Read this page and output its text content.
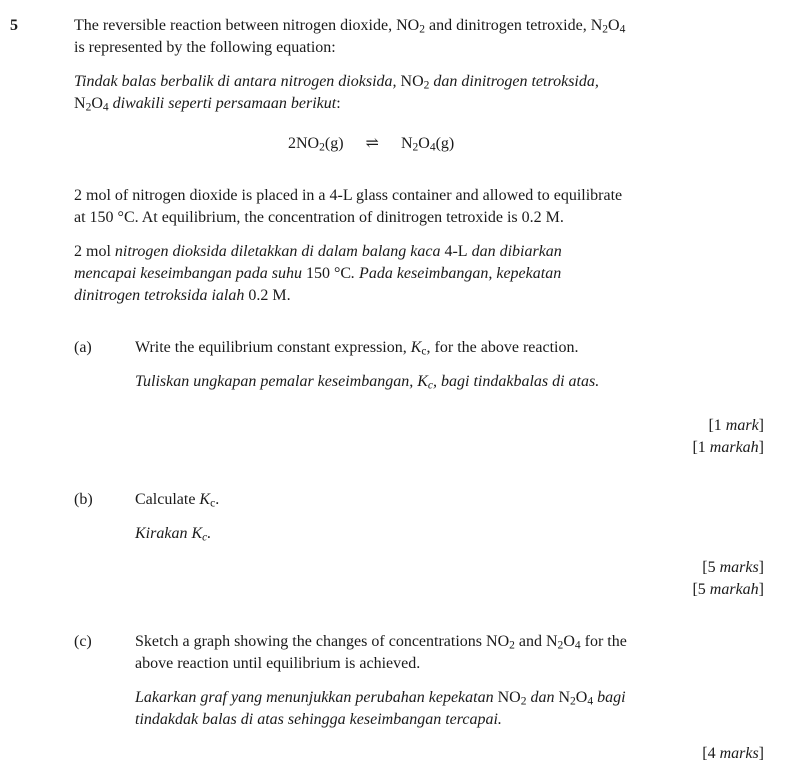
5	The reversible reaction between nitrogen dioxide, $NO_2$ and dinitrogen tetroxide, $N_2O_4$
is represented by the following equation:

Tindak balas berbalik di antara nitrogen dioksida, $NO_2$ dan dinitrogen tetroksida,
$N_2O_4$ diwakili seperti persamaan berikut:

$2NO_2(g)$ ⇌ $N_2O_4(g)$

2 mol of nitrogen dioxide is placed in a 4-L glass container and allowed to equilibrate
at 150 °C. At equilibrium, the concentration of dinitrogen tetroxide is 0.2 M.

2 mol nitrogen dioksida diletakkan di dalam balang kaca 4-L dan dibiarkan
mencapai keseimbangan pada suhu 150 °C. Pada keseimbangan, kepekatan
dinitrogen tetroksida ialah 0.2 M.

(a)	Write the equilibrium constant expression, $K_c$, for the above reaction.
Tuliskan ungkapan pemalar keseimbangan, $K_c$, bagi tindakbalas di atas.
[1 mark]
[1 markah]
(b)	Calculate $K_c$.
Kirakan $K_c$.
[5 marks]
[5 markah]
(c)	Sketch a graph showing the changes of concentrations $NO_2$ and $N_2O_4$ for the
above reaction until equilibrium is achieved.
Lakarkan graf yang menunjukkan perubahan kepekatan $NO_2$ dan $N_2O_4$ bagi
tindakdak balas di atas sehingga keseimbangan tercapai.
[4 marks]
